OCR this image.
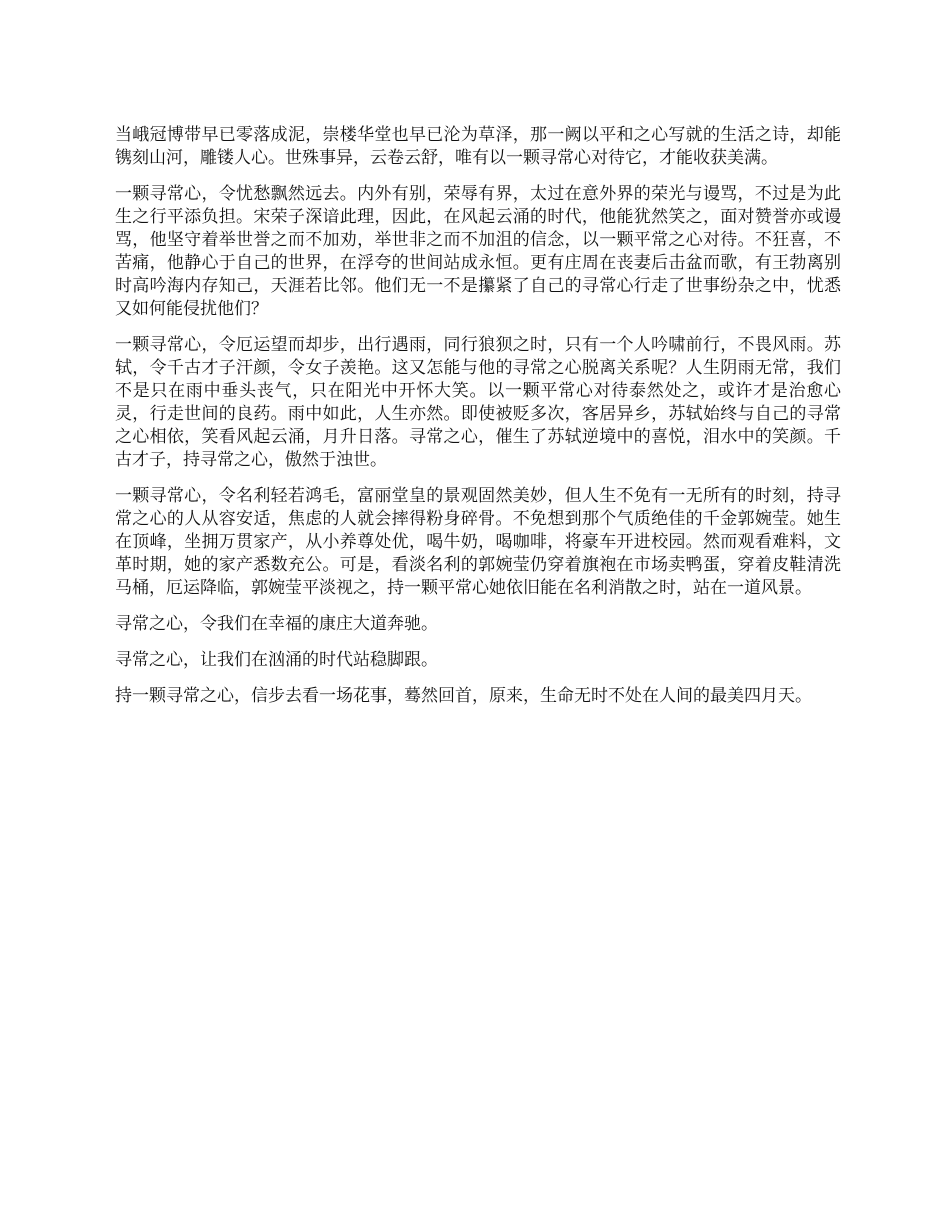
当峨冠博带早已零落成泥，崇楼华堂也早已沦为草泽，那一阙以平和之心写就的生活之诗，却能镌刻山河，雕镂人心。世殊事异，云卷云舒，唯有以一颗寻常心对待它，才能收获美满。

一颗寻常心，令忧愁飘然远去。内外有别，荣辱有界，太过在意外界的荣光与谩骂，不过是为此生之行平添负担。宋荣子深谙此理，因此，在风起云涌的时代，他能犹然笑之，面对赞誉亦或谩骂，他坚守着举世誉之而不加劝，举世非之而不加沮的信念，以一颗平常之心对待。不狂喜，不苦痛，他静心于自己的世界，在浮夸的世间站成永恒。更有庄周在丧妻后击盆而歌，有王勃离别时高吟海内存知己，天涯若比邻。他们无一不是攥紧了自己的寻常心行走了世事纷杂之中，忧悉又如何能侵扰他们？

一颗寻常心，令厄运望而却步，出行遇雨，同行狼狈之时，只有一个人吟啸前行，不畏风雨。苏轼，令千古才子汗颜，令女子羡艳。这又怎能与他的寻常之心脱离关系呢？人生阴雨无常，我们不是只在雨中垂头丧气，只在阳光中开怀大笑。以一颗平常心对待泰然处之，或许才是治愈心灵，行走世间的良药。雨中如此，人生亦然。即使被贬多次，客居异乡，苏轼始终与自己的寻常之心相依，笑看风起云涌，月升日落。寻常之心，催生了苏轼逆境中的喜悦，泪水中的笑颜。千古才子，持寻常之心，傲然于浊世。

一颗寻常心，令名利轻若鸿毛，富丽堂皇的景观固然美妙，但人生不免有一无所有的时刻，持寻常之心的人从容安适，焦虑的人就会摔得粉身碎骨。不免想到那个气质绝佳的千金郭婉莹。她生在顶峰，坐拥万贯家产，从小养尊处优，喝牛奶，喝咖啡，将豪车开进校园。然而观看难料，文革时期，她的家产悉数充公。可是，看淡名利的郭婉莹仍穿着旗袍在市场卖鸭蛋，穿着皮鞋清洗马桶，厄运降临，郭婉莹平淡视之，持一颗平常心她依旧能在名利消散之时，站在一道风景。

寻常之心，令我们在幸福的康庄大道奔驰。

寻常之心，让我们在汹涌的时代站稳脚跟。

持一颗寻常之心，信步去看一场花事，蓦然回首，原来，生命无时不处在人间的最美四月天。
